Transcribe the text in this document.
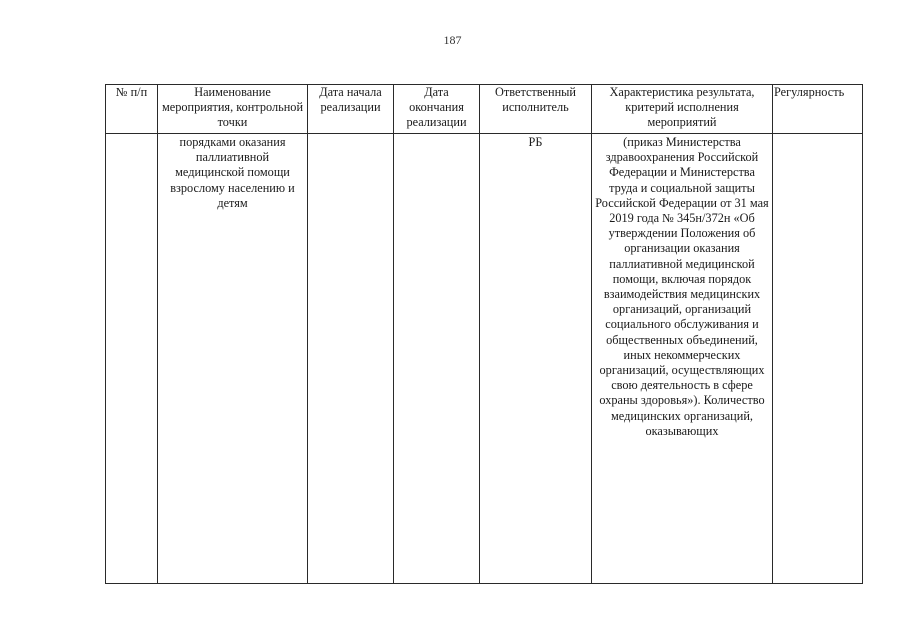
187
№ п/п	Наименование мероприятия, контрольной точки	Дата начала реализации	Дата окончания реализации	Ответственный исполнитель	Характеристика результата, критерий исполнения мероприятий	Регулярность
	порядками оказания паллиативной медицинской помощи взрослому населению и детям			РБ	(приказ Министерства здравоохранения Российской Федерации и Министерства труда и социальной защиты Российской Федерации от 31 мая 2019 года № 345н/372н «Об утверждении Положения об организации оказания паллиативной медицинской помощи, включая порядок взаимодействия медицинских организаций, организаций социального обслуживания и общественных объединений, иных некоммерческих организаций, осуществляющих свою деятельность в сфере охраны здоровья»). Количество медицинских организаций, оказывающих	
